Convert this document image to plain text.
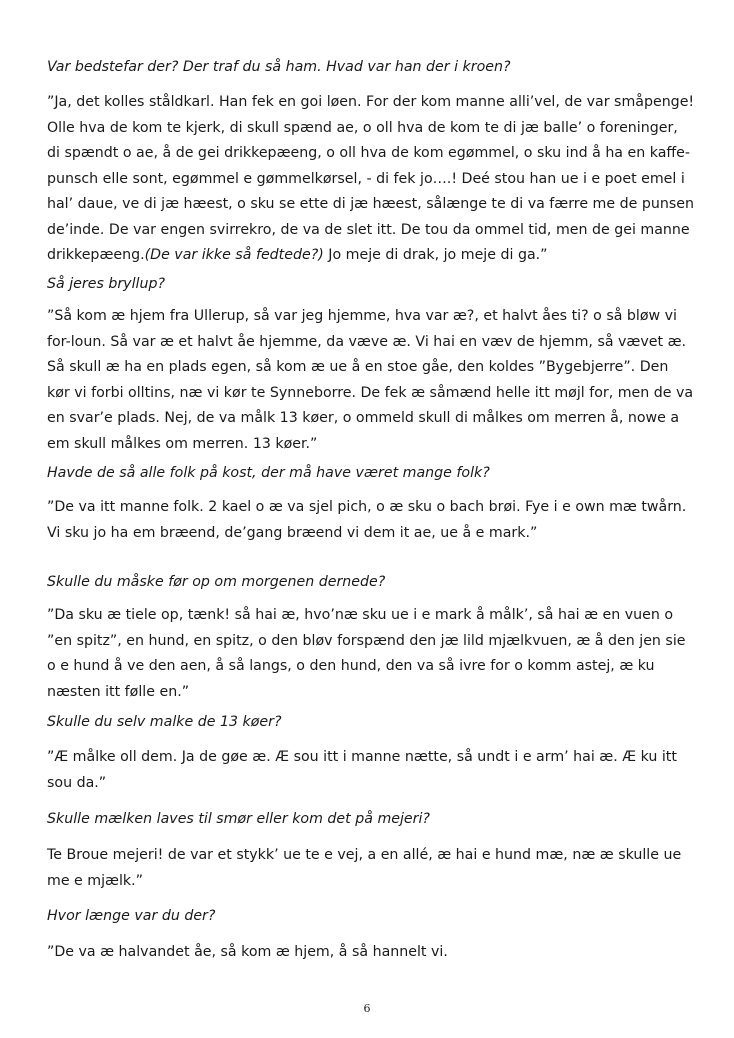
Var bedstefar der? Der traf du så ham. Hvad var han der i kroen?

”Ja, det kolles ståldkarl. Han fek en goi løen. For der kom manne alli’vel, de var småpenge! Olle hva de kom te kjerk, di skull spænd ae, o oll hva de kom te di jæ balle’ o foreninger, di spændt o ae, å de gei drikkepæeng, o oll hva de kom egømmel, o sku ind å ha en kaffe-punsch elle sont, egømmel e gømmelkørsel, - di fek jo….! Deé stou han ue i e poet emel i hal’ daue, ve di jæ hæest, o sku se ette di jæ hæest, sålænge te di va færre me de punsen de’inde. De var engen svirrekro, de va de slet itt. De tou da ommel tid, men de gei manne drikkepæeng.(De var ikke så fedtede?) Jo meje di drak, jo meje di ga.”

Så jeres bryllup?

”Så kom æ hjem fra Ullerup, så var jeg hjemme, hva var æ?, et halvt åes ti? o så bløw vi for-loun. Så var æ et halvt åe hjemme, da væve æ. Vi hai en væv de hjemm, så vævet æ. Så skull æ ha en plads egen, så kom æ ue å en stoe gåe, den koldes ”Bygebjerre”. Den kør vi forbi olltins, næ vi kør te Synneborre. De fek æ såmænd helle itt møjl for, men de va en svar’e plads. Nej, de va målk 13 køer, o ommeld skull di målkes om merren å, nowe a em skull målkes om merren. 13 køer.”

Havde de så alle folk på kost, der må have været mange folk?

”De va itt manne folk. 2 kael o æ va sjel pich, o æ sku o bach brøi. Fye i e own mæ twårn. Vi sku jo ha em bræend, de’gang bræend vi dem it ae, ue å e mark.”

Skulle du måske før op om morgenen dernede?

”Da sku æ tiele op, tænk! så hai æ, hvo’næ sku ue i e mark å målk’, så hai æ en vuen o ”en spitz”, en hund, en spitz, o den bløv forspænd den jæ lild mjælkvuen, æ å den jen sie o e hund å ve den aen, å så langs, o den hund, den va så ivre for o komm astej, æ ku næsten itt følle en.”

Skulle du selv malke de 13 køer?

”Æ målke oll dem. Ja de gøe æ. Æ sou itt i manne nætte, så undt i e arm’ hai æ. Æ ku itt sou da.”

Skulle mælken laves til smør eller kom det på mejeri?

Te Broue mejeri! de var et stykk’ ue te e vej, a en allé, æ hai e hund mæ, næ æ skulle ue me e mjælk.”

Hvor længe var du der?

”De va æ halvandet åe, så kom æ hjem, å så hannelt vi.

6
